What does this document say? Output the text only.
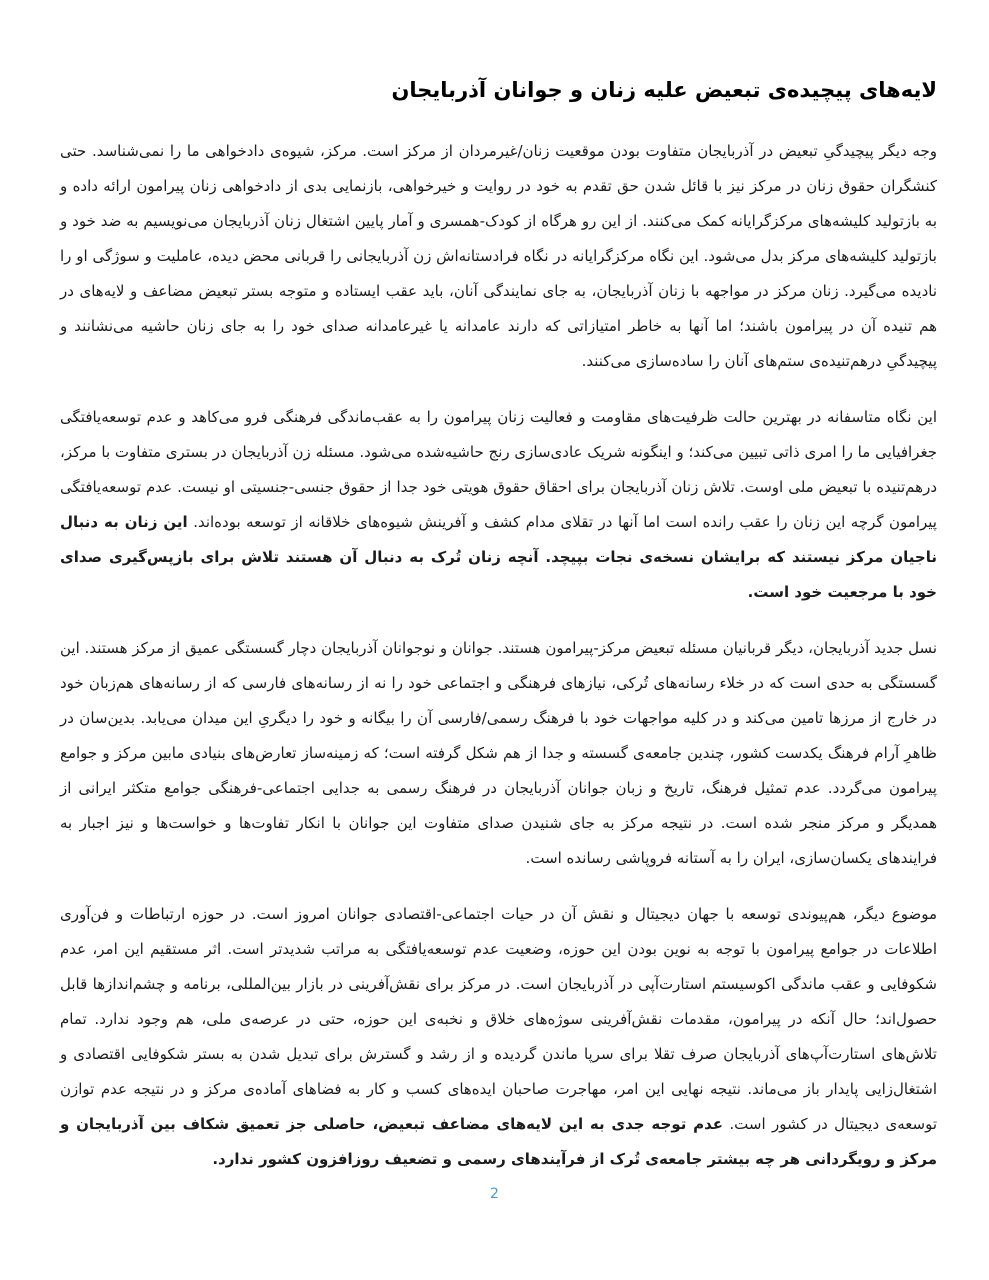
لایه‌های پیچیده‌ی تبعیض علیه زنان و جوانان آذربایجان

وجه دیگر پیچیدگیِ تبعیض در آذربایجان متفاوت بودن موقعیت زنان/غیرمردان از مرکز است. مرکز، شیوه‌ی دادخواهی ما را نمی‌شناسد. حتی کنشگران حقوق زنان در مرکز نیز با قائل شدن حق تقدم به خود در روایت و خیرخواهی، بازنمایی بدی از دادخواهی زنان پیرامون ارائه داده و به بازتولید کلیشه‌های مرکزگرایانه کمک می‌کنند. از این رو هرگاه از کودک-همسری و آمار پایین اشتغال زنان آذربایجان می‌نویسیم به ضد خود و بازتولید کلیشه‌های مرکز بدل می‌شود. این نگاه مرکزگرایانه در نگاه فرادستانه‌اش زن آذربایجانی را قربانی محض دیده، عاملیت و سوژگی او را نادیده می‌گیرد. زنان مرکز در مواجهه با زنان آذربایجان، به جای نمایندگی آنان، باید عقب ایستاده و متوجه بستر تبعیض مضاعف و لایه‌های در هم تنیده آن در پیرامون باشند؛ اما آنها به خاطر امتیازاتی که دارند عامدانه یا غیرعامدانه صدای خود را به جای زنان حاشیه می‌نشانند و پیچیدگیِ درهم‌تنیده‌ی ستم‌های آنان را ساده‌سازی می‌کنند.

این نگاه متاسفانه در بهترین حالت ظرفیت‌های مقاومت و فعالیت زنان پیرامون را به عقب‌ماندگی فرهنگی فرو می‌کاهد و عدم توسعه‌یافتگی جغرافیایی ما را امری ذاتی تبیین می‌کند؛ و اینگونه شریک عادی‌سازی رنج حاشیه‌شده می‌شود. مسئله زن آذربایجان در بستری متفاوت با مرکز، درهم‌تنیده با تبعیض ملی اوست. تلاش زنان آذربایجان برای احقاق حقوق هویتی خود جدا از حقوق جنسی-جنسیتی او نیست. عدم توسعه‌یافتگی پیرامون گرچه این زنان را عقب رانده است اما آنها در تقلای مدام کشف و آفرینش شیوه‌های خلاقانه از توسعه بوده‌اند. این زنان به دنبال ناجیان مرکز نیستند که برایشان نسخه‌ی نجات بپیچد. آنچه زنان تُرک به دنبال آن هستند تلاش برای بازپس‌گیری صدای خود با مرجعیت خود است.

نسل جدید آذربایجان، دیگر قربانیان مسئله تبعیض مرکز-پیرامون هستند. جوانان و نوجوانان آذربایجان دچار گسستگی عمیق از مرکز هستند. این گسستگی به حدی است که در خلاء رسانه‌های تُرکی، نیازهای فرهنگی و اجتماعی خود را نه از رسانه‌های فارسی که از رسانه‌های هم‌زبان خود در خارج از مرزها تامین می‌کند و در کلیه مواجهات خود با فرهنگ رسمی/فارسی آن را بیگانه و خود را دیگریِ این میدان می‌یابد. بدین‌سان در ظاهرِ آرام فرهنگ یکدست کشور، چندین جامعه‌ی گسسته و جدا از هم شکل گرفته است؛ که زمینه‌ساز تعارض‌های بنیادی مابین مرکز و جوامع پیرامون می‌گردد. عدم تمثیل فرهنگ، تاریخ و زبان جوانان آذربایجان در فرهنگ رسمی به جدایی اجتماعی-فرهنگی جوامع متکثر ایرانی از همدیگر و مرکز منجر شده است. در نتیجه مرکز به جای شنیدن صدای متفاوت این جوانان با انکار تفاوت‌ها و خواست‌ها و نیز اجبار به فرایندهای یکسان‌سازی، ایران را به آستانه فروپاشی رسانده است.

موضوع دیگر، هم‌پیوندی توسعه با جهان دیجیتال و نقش آن در حیات اجتماعی-اقتصادی جوانان امروز است. در حوزه ارتباطات و فن‌آوری اطلاعات در جوامع پیرامون با توجه به نوین بودن این حوزه، وضعیت عدم توسعه‌یافتگی به مراتب شدیدتر است. اثر مستقیم این امر، عدم شکوفایی و عقب ماندگی اکوسیستم استارت‌آپی در آذربایجان است. در مرکز برای نقش‌آفرینی در بازار بین‌المللی، برنامه و چشم‌اندازها قابل حصول‌اند؛ حال آنکه در پیرامون، مقدمات نقش‌آفرینی سوژه‌های خلاق و نخبه‌ی این حوزه، حتی در عرصه‌ی ملی، هم وجود ندارد. تمام تلاش‌های استارت‌آپ‌های آذربایجان صرف تقلا برای سرپا ماندن گردیده و از رشد و گسترش برای تبدیل شدن به بستر شکوفایی اقتصادی و اشتغال‌زایی پایدار باز می‌ماند. نتیجه نهایی این امر، مهاجرت صاحبان ایده‌های کسب و کار به فضاهای آماده‌ی مرکز و در نتیجه عدم توازن توسعه‌ی دیجیتال در کشور است. عدم توجه جدی به این لایه‌های مضاعف تبعیض، حاصلی جز تعمیق شکاف بین آذربایجان و مرکز و رویگردانی هر چه بیشتر جامعه‌ی تُرک از فرآیندهای رسمی و تضعیف روزافزون کشور ندارد.

2
